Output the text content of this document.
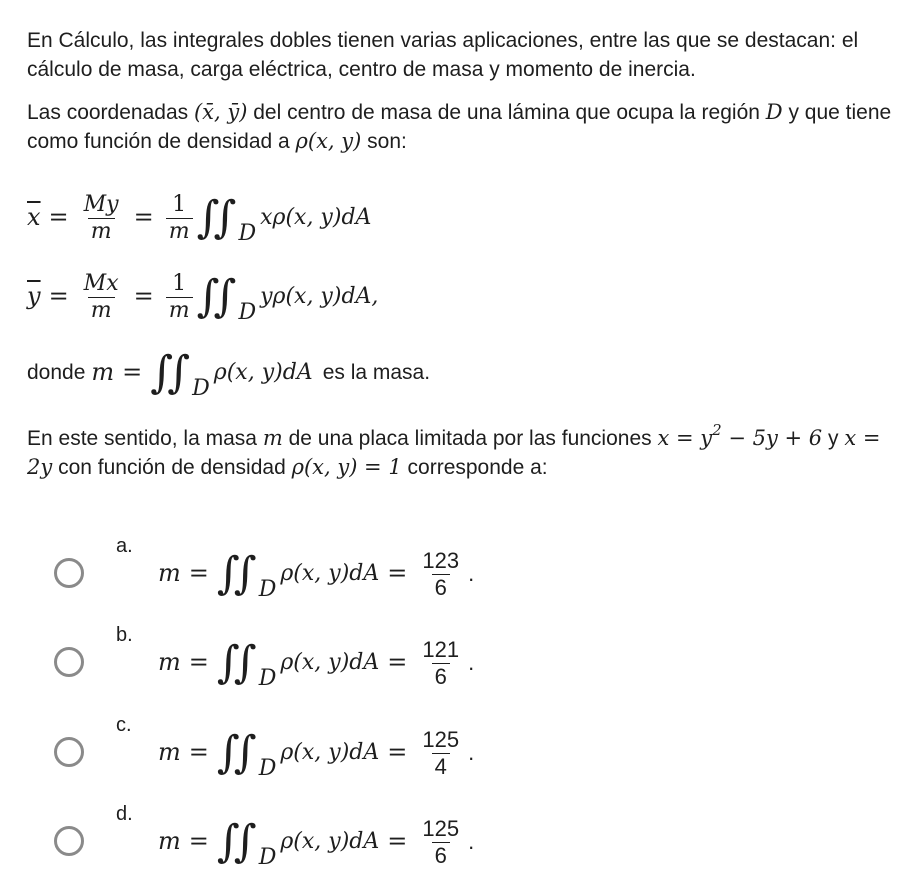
En Cálculo, las integrales dobles tienen varias aplicaciones, entre las que se destacan: el cálculo de masa, carga eléctrica, centro de masa y momento de inercia.

Las coordenadas (x̄, ȳ) del centro de masa de una lámina que ocupa la región D y que tiene como función de densidad a ρ(x, y) son:

$\overline{x} = \frac{My}{m} = \frac{1}{m}$ ∫∫ D
xρ(x, y)dA
$\overline{y} = \frac{Mx}{m} = \frac{1}{m}$ ∫∫ D
yρ(x, y)dA,
donde m = ∫∫ D
ρ(x, y)dA es la masa.

En este sentido, la masa m de una placa limitada por las funciones $x = y^2 - 5y + 6$ y x = 2y con función de densidad ρ(x, y) = 1 corresponde a:

a.
m = ∫∫ D
ρ(x, $y)dA = \frac{123}{6}$ .
b.
m = ∫∫ D
ρ(x, $y)dA = \frac{121}{6}$ .
c.
m = ∫∫ D
ρ(x, $y)dA = \frac{125}{4}$ .
d.
m = ∫∫ D
ρ(x, $y)dA = \frac{125}{6}$ .
